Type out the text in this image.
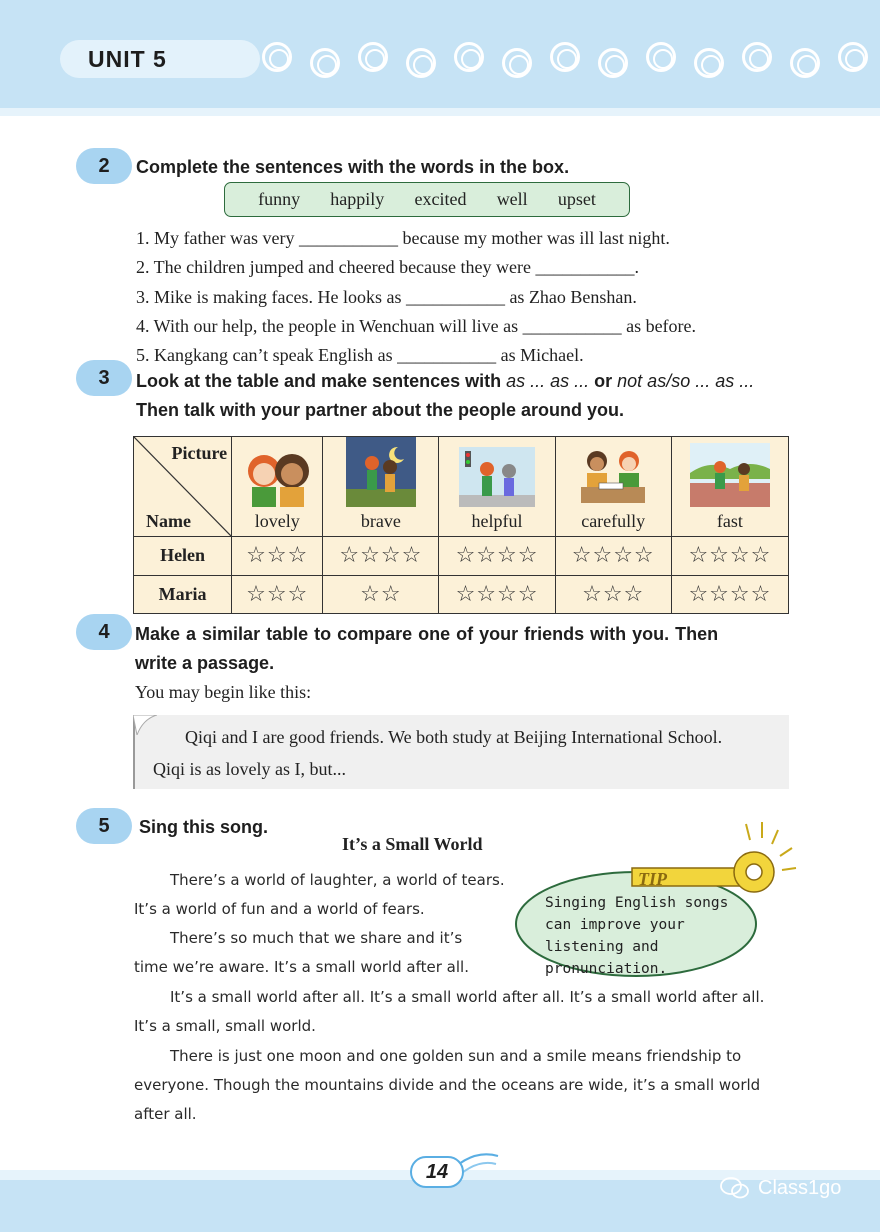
UNIT 5
2	Complete the sentences with the words in the box.
funny happily excited well upset
1. My father was very ___________ because my mother was ill last night.
2. The children jumped and cheered because they were ___________.
3. Mike is making faces. He looks as ___________ as Zhao Benshan.
4. With our help, the people in Wenchuan will live as ___________ as before.
5. Kangkang can’t speak English as ___________ as Michael.
3	Look at the table and make sentences with as ... as ... or not as/so ... as ...
Then talk with your partner about the people around you.
Picture
Name	lovely	brave	helpful	carefully	fast

Helen	☆☆☆	☆☆☆☆	☆☆☆☆	☆☆☆☆	☆☆☆☆
Maria	☆☆☆	☆☆	☆☆☆☆	☆☆☆	☆☆☆☆
4	Make a similar table to compare one of your friends with you. Then
write a passage.
You may begin like this:
Qiqi and I are good friends. We both study at Beijing International School.
Qiqi is as lovely as I, but...
5	Sing this song.
It’s a Small World
There’s a world of laughter, a world of tears.
It’s a world of fun and a world of fears.
There’s so much that we share and it’s
time we’re aware. It’s a small world after all.
It’s a small world after all. It’s a small world after all. It’s a small world after all.
It’s a small, small world.
There is just one moon and one golden sun and a smile means friendship to
everyone. Though the mountains divide and the oceans are wide, it’s a small world
after all.
TIP
Singing English songs can improve your listening and pronunciation.
14
Class1go
